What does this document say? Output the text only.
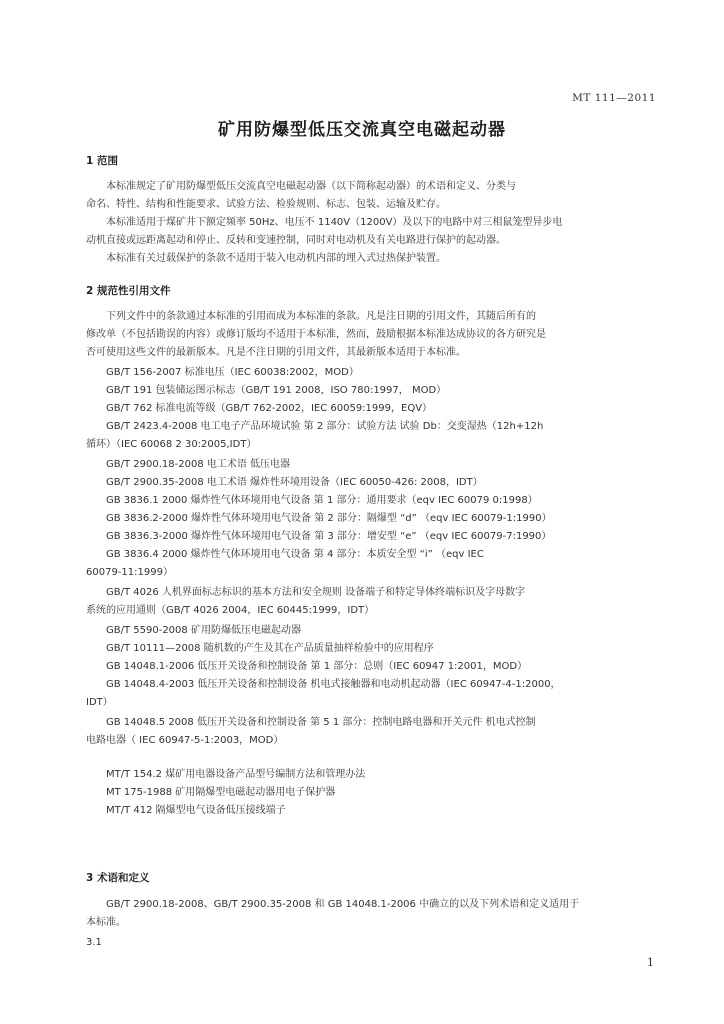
MT 111—2011
矿用防爆型低压交流真空电磁起动器
1 范围
本标准规定了矿用防爆型低压交流真空电磁起动器（以下简称起动器）的术语和定义、分类与
命名、特性、结构和性能要求、试验方法、检验规则、标志、包装、运输及贮存。
本标准适用于煤矿井下额定频率 50Hz、电压不 1140V（1200V）及以下的电路中对三相鼠笼型异步电
动机直接或远距离起动和停止、反转和变速控制，同时对电动机及有关电路进行保护的起动器。
本标准有关过载保护的条款不适用于装入电动机内部的埋入式过热保护装置。
2 规范性引用文件
下列文件中的条款通过本标准的引用而成为本标准的条款。凡是注日期的引用文件，其随后所有的
修改单（不包括勘误的内容）或修订版均不适用于本标准，然而，鼓励根据本标准达成协议的各方研究是
否可使用这些文件的最新版本。凡是不注日期的引用文件，其最新版本适用于本标准。
GB/T 156-2007 标准电压（IEC 60038:2002，MOD）
GB/T 191 包装储运图示标志（GB/T 191 2008，ISO 780:1997， MOD）
GB/T 762 标准电流等级（GB/T 762-2002，IEC 60059:1999，EQV）
GB/T 2423.4-2008 电工电子产品环境试验 第 2 部分：试验方法 试验 Db：交变湿热（12h+12h
循环）（IEC 60068 2 30:2005,IDT）
GB/T 2900.18-2008 电工术语 低压电器
GB/T 2900.35-2008 电工术语 爆炸性环境用设备（IEC 60050-426: 2008，IDT）
GB 3836.1 2000 爆炸性气体环境用电气设备 第 1 部分：通用要求（eqv IEC 60079 0:1998）
GB 3836.2-2000 爆炸性气体环境用电气设备 第 2 部分：隔爆型 “d” （eqv IEC 60079-1:1990）
GB 3836.3-2000 爆炸性气体环境用电气设备 第 3 部分：增安型 “e” （eqv IEC 60079-7:1990）
GB 3836.4 2000 爆炸性气体环境用电气设备 第 4 部分：本质安全型 “i” （eqv IEC
60079-11:1999）
GB/T 4026 人机界面标志标识的基本方法和安全规则 设备端子和特定导体终端标识及字母数字
系统的应用通则（GB/T 4026 2004，IEC 60445:1999，IDT）
GB/T 5590-2008 矿用防爆低压电磁起动器
GB/T 10111—2008 随机数的产生及其在产品质量抽样检验中的应用程序
GB 14048.1-2006 低压开关设备和控制设备 第 1 部分：总则（IEC 60947 1:2001，MOD）
GB 14048.4-2003 低压开关设备和控制设备 机电式接触器和电动机起动器（IEC 60947-4-1:2000，
IDT）
GB 14048.5 2008 低压开关设备和控制设备 第 5 1 部分：控制电路电器和开关元件 机电式控制
电路电器（ IEC 60947-5-1:2003，MOD）
MT/T 154.2 煤矿用电器设备产品型号编制方法和管理办法
MT 175-1988 矿用隔爆型电磁起动器用电子保护器
MT/T 412 隔爆型电气设备低压接线端子
3 术语和定义
GB/T 2900.18-2008、GB/T 2900.35-2008 和 GB 14048.1-2006 中确立的以及下列术语和定义适用于
本标准。
3.1
1
